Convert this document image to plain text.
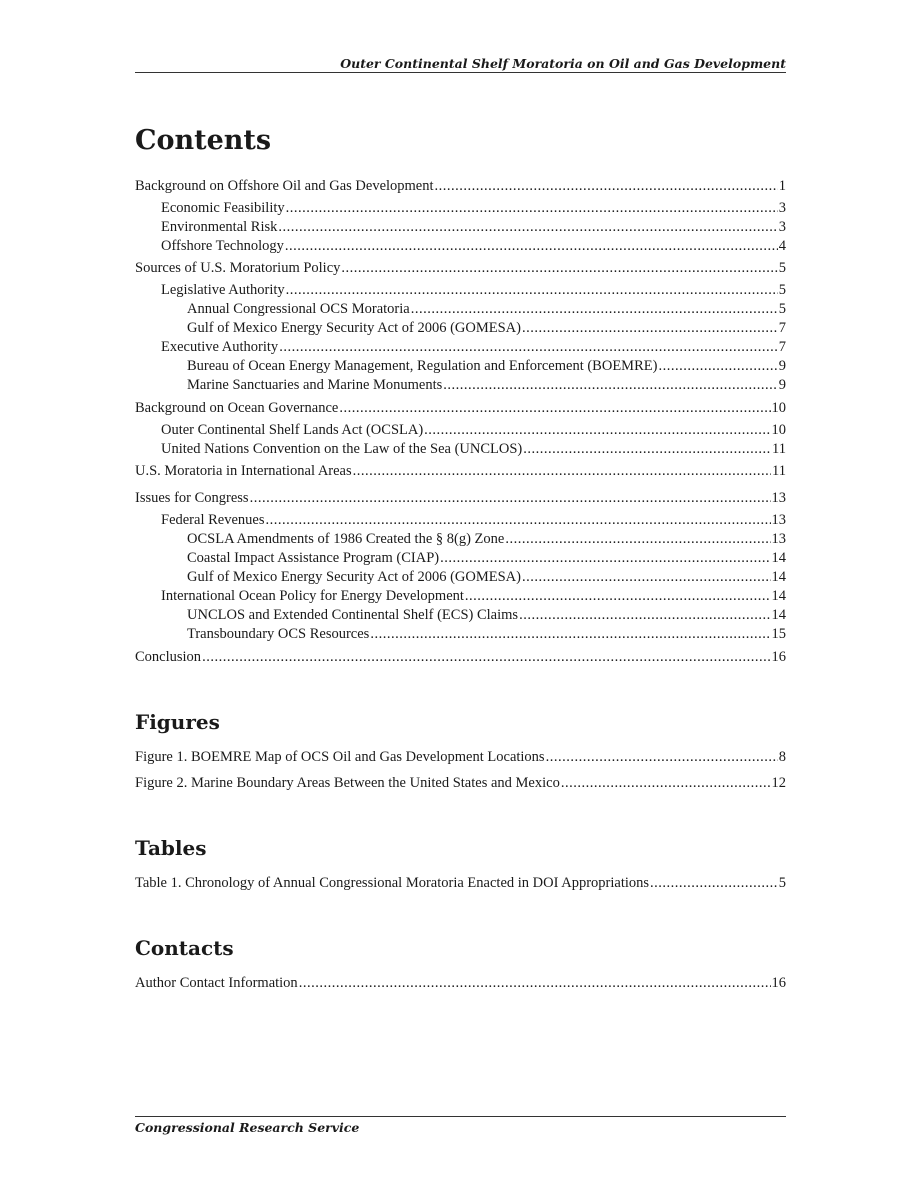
Outer Continental Shelf Moratoria on Oil and Gas Development
Contents
Background on Offshore Oil and Gas Development .....	1
Economic Feasibility .....	3
Environmental Risk .....	3
Offshore Technology .....	4
Sources of U.S. Moratorium Policy .....	5
Legislative Authority .....	5
Annual Congressional OCS Moratoria .....	5
Gulf of Mexico Energy Security Act of 2006 (GOMESA) .....	7
Executive Authority .....	7
Bureau of Ocean Energy Management, Regulation and Enforcement (BOEMRE) .....	9
Marine Sanctuaries and Marine Monuments .....	9
Background on Ocean Governance .....	10
Outer Continental Shelf Lands Act (OCSLA) .....	10
United Nations Convention on the Law of the Sea (UNCLOS) .....	11
U.S. Moratoria in International Areas .....	11
Issues for Congress .....	13
Federal Revenues .....	13
OCSLA Amendments of 1986 Created the § 8(g) Zone .....	13
Coastal Impact Assistance Program (CIAP) .....	14
Gulf of Mexico Energy Security Act of 2006 (GOMESA) .....	14
International Ocean Policy for Energy Development .....	14
UNCLOS and Extended Continental Shelf (ECS) Claims .....	14
Transboundary OCS Resources .....	15
Conclusion .....	16
Figures
Figure 1. BOEMRE Map of OCS Oil and Gas Development Locations .....	8
Figure 2. Marine Boundary Areas Between the United States and Mexico .....	12
Tables
Table 1. Chronology of Annual Congressional Moratoria Enacted in DOI Appropriations .....	5
Contacts
Author Contact Information .....	16
Congressional Research Service
